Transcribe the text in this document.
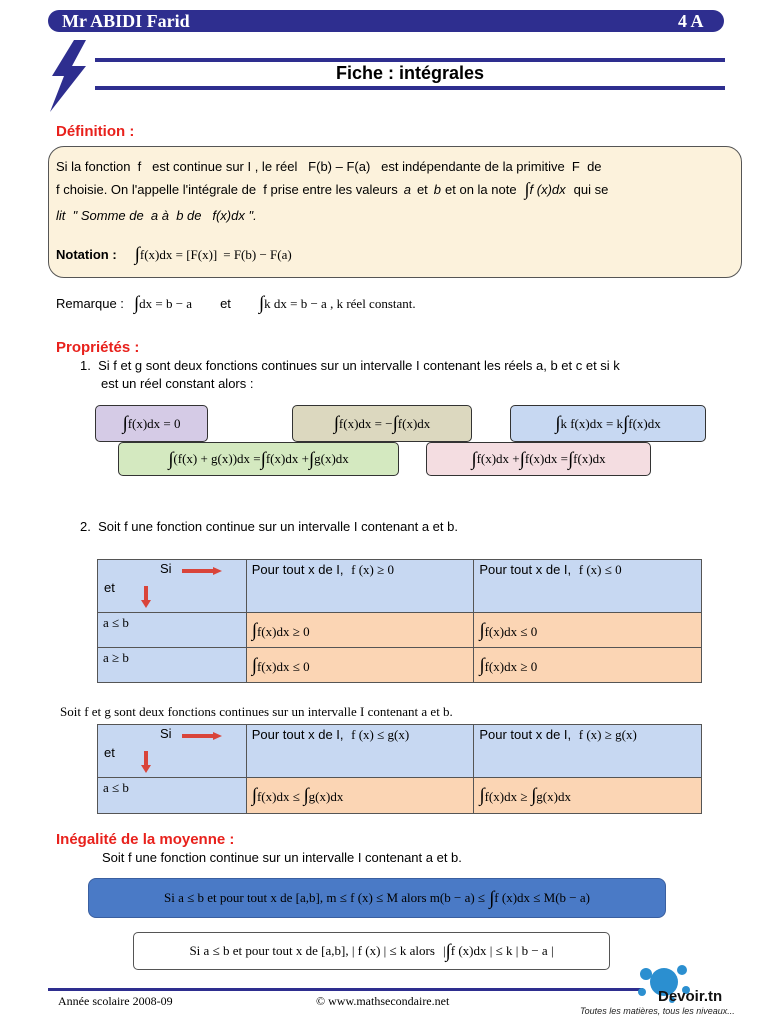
Mr ABIDI Farid	4 A
Fiche : intégrales
Définition :
Si la fonction  f   est continue sur I , le réel   F(b) – F(a)   est indépendante de la primitive  F  de
f choisie. On l'appelle l'intégrale de  f prise entre les valeurs a et b et on la note ∫ f (x)dx qui se
lit  " Somme de  a à  b de   f(x)dx ".
Notation : ∫ f(x)dx = [F(x)] = F(b) − F(a)
Remarque : ∫ dx = b − a et ∫ k dx = b − a , k réel constant.
Propriétés :
1.  Si f et g sont deux fonctions continues sur un intervalle I contenant les réels a, b et c et si k
est un réel constant alors :
∫ f(x)dx = 0	∫ f(x)dx = − ∫ f(x)dx	∫ k f(x)dx = k ∫ f(x)dx
∫ (f(x) + g(x))dx = ∫ f(x)dx + ∫ g(x)dx	∫ f(x)dx + ∫ f(x)dx = ∫ f(x)dx
2.  Soit f une fonction continue sur un intervalle I contenant a et b.
Si
et	Pour tout x de I, f (x) ≥ 0	Pour tout x de I, f (x) ≤ 0
a ≤ b	∫f(x)dx ≥ 0	∫f(x)dx ≤ 0
a ≥ b	∫f(x)dx ≤ 0	∫f(x)dx ≥ 0
Soit f et g sont deux fonctions continues sur un intervalle I contenant a et b.
Si
et	Pour tout x de I, f (x) ≤ g(x)	Pour tout x de I, f (x) ≥ g(x)
a ≤ b	∫f(x)dx ≤ ∫g(x)dx	∫f(x)dx ≥ ∫g(x)dx
Inégalité de la moyenne :
Soit f une fonction continue sur un intervalle I contenant a et b.
Si a ≤ b et pour tout x de [a,b], m ≤ f (x) ≤ M alors m(b − a) ≤ ∫ f (x)dx ≤ M(b − a)
Si a ≤ b et pour tout x de [a,b], | f (x) | ≤ k alors | ∫ f (x)dx | ≤ k | b − a |
Année scolaire 2008-09	© www.mathsecondaire.net	Devoir.tn
Toutes les matières, tous les niveaux...
